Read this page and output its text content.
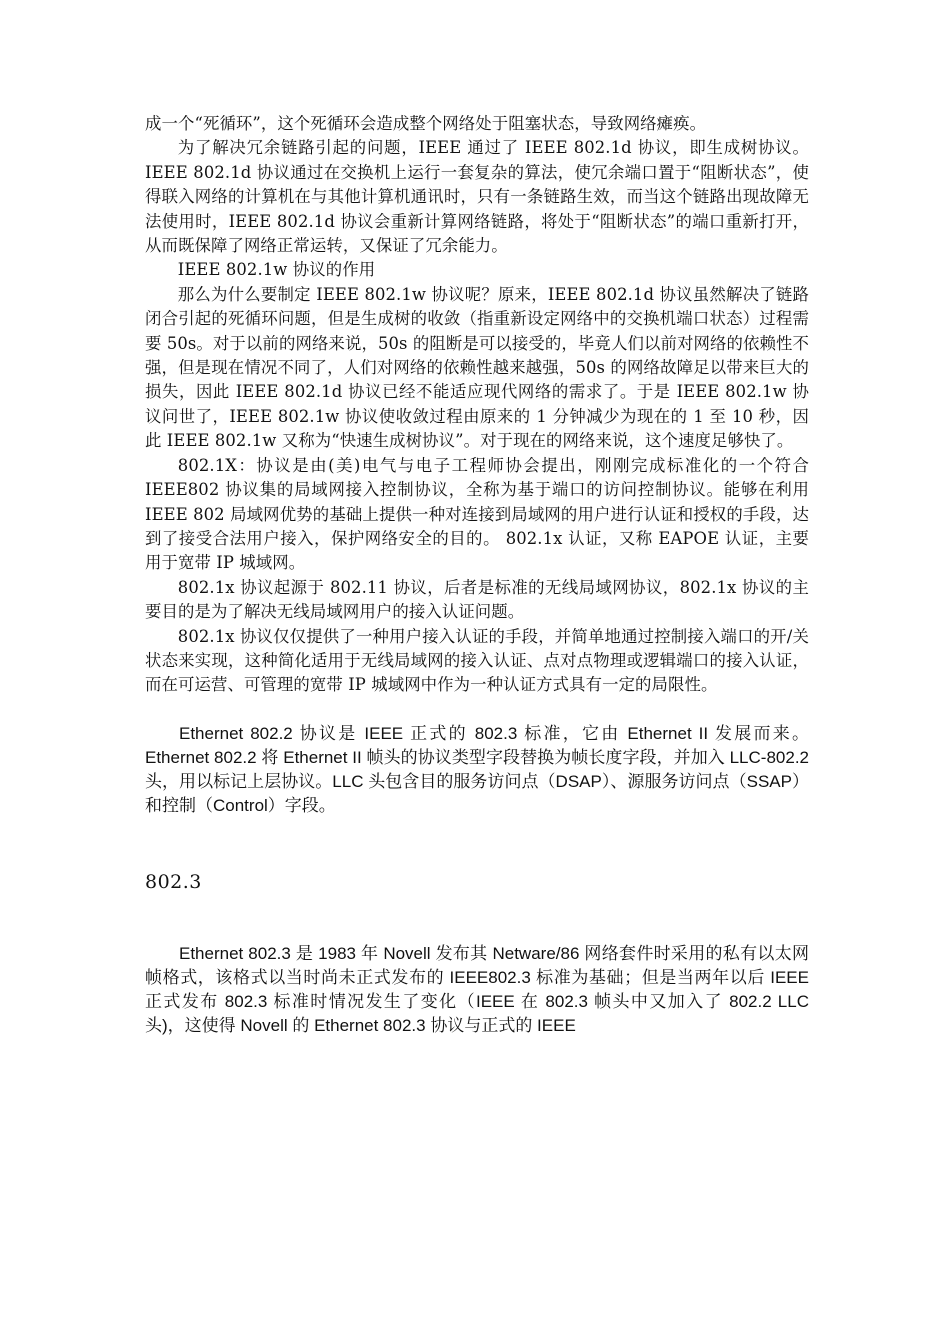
成一个“死循环”，这个死循环会造成整个网络处于阻塞状态，导致网络瘫痪。

为了解决冗余链路引起的问题，IEEE 通过了 IEEE 802.1d 协议，即生成树协议。IEEE 802.1d 协议通过在交换机上运行一套复杂的算法，使冗余端口置于“阻断状态”，使得联入网络的计算机在与其他计算机通讯时，只有一条链路生效，而当这个链路出现故障无法使用时，IEEE 802.1d 协议会重新计算网络链路，将处于“阻断状态”的端口重新打开，从而既保障了网络正常运转，又保证了冗余能力。

IEEE 802.1w 协议的作用

那么为什么要制定 IEEE 802.1w 协议呢？原来，IEEE 802.1d 协议虽然解决了链路闭合引起的死循环问题，但是生成树的收敛（指重新设定网络中的交换机端口状态）过程需要 50s。对于以前的网络来说，50s 的阻断是可以接受的，毕竟人们以前对网络的依赖性不强，但是现在情况不同了，人们对网络的依赖性越来越强，50s 的网络故障足以带来巨大的损失，因此 IEEE 802.1d 协议已经不能适应现代网络的需求了。于是 IEEE 802.1w 协议问世了，IEEE 802.1w 协议使收敛过程由原来的 1 分钟减少为现在的 1 至 10 秒，因此 IEEE 802.1w 又称为“快速生成树协议”。对于现在的网络来说，这个速度足够快了。

802.1X：协议是由(美)电气与电子工程师协会提出，刚刚完成标准化的一个符合 IEEE802 协议集的局域网接入控制协议，全称为基于端口的访问控制协议。能够在利用 IEEE 802 局域网优势的基础上提供一种对连接到局域网的用户进行认证和授权的手段，达到了接受合法用户接入，保护网络安全的目的。 802.1x 认证，又称 EAPOE 认证，主要用于宽带 IP 城域网。

802.1x 协议起源于 802.11 协议，后者是标准的无线局域网协议，802.1x 协议的主要目的是为了解决无线局域网用户的接入认证问题。

802.1x 协议仅仅提供了一种用户接入认证的手段，并简单地通过控制接入端口的开/关状态来实现，这种简化适用于无线局域网的接入认证、点对点物理或逻辑端口的接入认证，而在可运营、可管理的宽带 IP 城域网中作为一种认证方式具有一定的局限性。

Ethernet 802.2 协议是 IEEE 正式的 802.3 标准，它由 Ethernet II 发展而来。Ethernet 802.2 将 Ethernet II 帧头的协议类型字段替换为帧长度字段，并加入 LLC-802.2 头，用以标记上层协议。LLC 头包含目的服务访问点（DSAP）、源服务访问点（SSAP）和控制（Control）字段。

802.3

Ethernet 802.3 是 1983 年 Novell 发布其 Netware/86 网络套件时采用的私有以太网帧格式，该格式以当时尚未正式发布的 IEEE802.3 标准为基础；但是当两年以后 IEEE 正式发布 802.3 标准时情况发生了变化（IEEE 在 802.3 帧头中又加入了 802.2 LLC 头)，这使得 Novell 的 Ethernet 802.3 协议与正式的 IEEE
